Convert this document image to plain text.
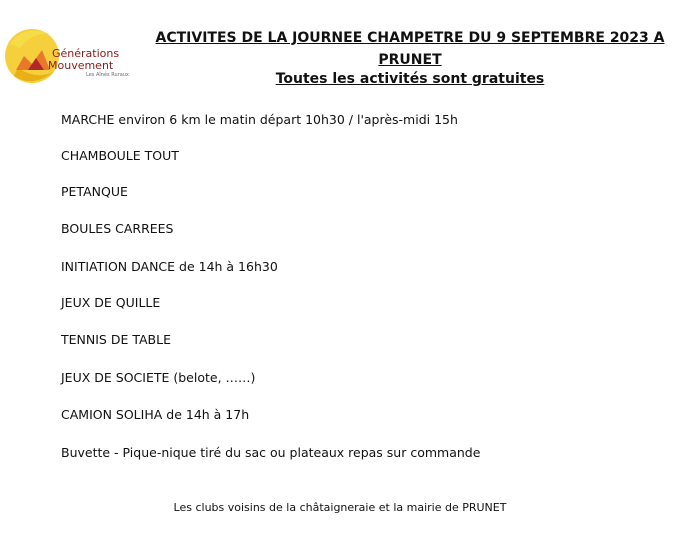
Générations
Mouvement
Les Aînés Ruraux
ACTIVITES DE LA JOURNEE CHAMPETRE DU 9 SEPTEMBRE 2023 A
PRUNET
Toutes les activités sont gratuites
MARCHE environ 6 km le matin départ 10h30 / l'après-midi 15h
CHAMBOULE TOUT
PETANQUE
BOULES CARREES
INITIATION DANCE de 14h à 16h30
JEUX DE QUILLE
TENNIS DE TABLE
JEUX DE SOCIETE (belote, ……)
CAMION SOLIHA de 14h à 17h
Buvette - Pique-nique tiré du sac ou plateaux repas sur commande
Les clubs voisins de la châtaigneraie et la mairie de PRUNET
